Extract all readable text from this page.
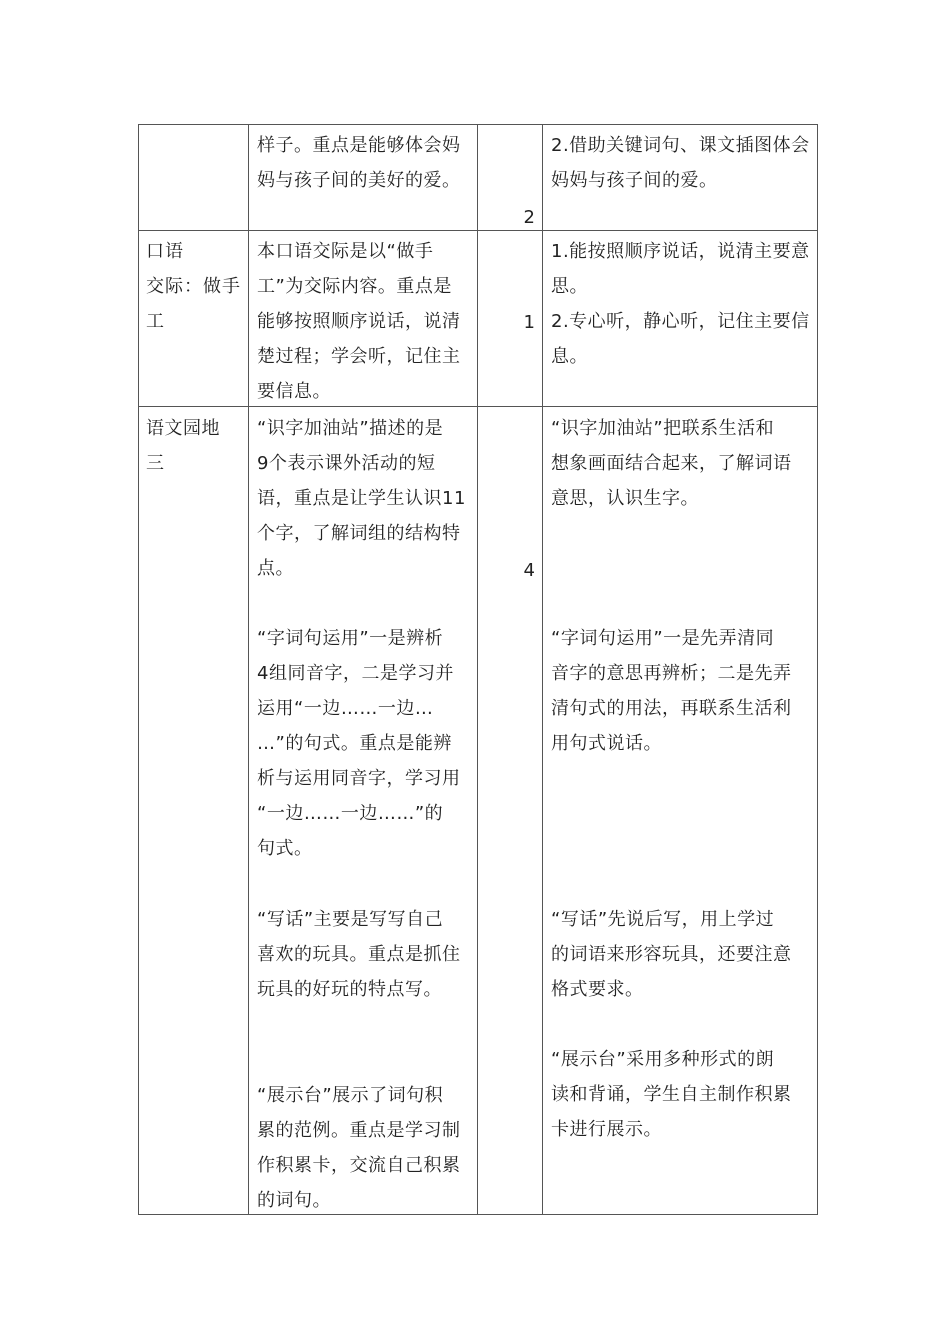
样子。重点是能够体会妈
妈与孩子间的美好的爱。
2
2.借助关键词句、课文插图体会
妈妈与孩子间的爱。
口语
交际：做手
工
本口语交际是以“做手
工”为交际内容。重点是
能够按照顺序说话，说清
楚过程；学会听，记住主
要信息。
1
1.能按照顺序说话，说清主要意
思。
2.专心听，静心听，记住主要信
息。
语文园地
三
“识字加油站”描述的是
9个表示课外活动的短
语，重点是让学生认识11
个字，了解词组的结构特
点。
“字词句运用”一是辨析
4组同音字，二是学习并
运用“一边……一边…
…”的句式。重点是能辨
析与运用同音字，学习用
“一边……一边……”的
句式。
“写话”主要是写写自己
喜欢的玩具。重点是抓住
玩具的好玩的特点写。
“展示台”展示了词句积
累的范例。重点是学习制
作积累卡，交流自己积累
的词句。
4
“识字加油站”把联系生活和
想象画面结合起来，了解词语
意思，认识生字。
“字词句运用”一是先弄清同
音字的意思再辨析；二是先弄
清句式的用法，再联系生活利
用句式说话。
“写话”先说后写，用上学过
的词语来形容玩具，还要注意
格式要求。
“展示台”采用多种形式的朗
读和背诵，学生自主制作积累
卡进行展示。
